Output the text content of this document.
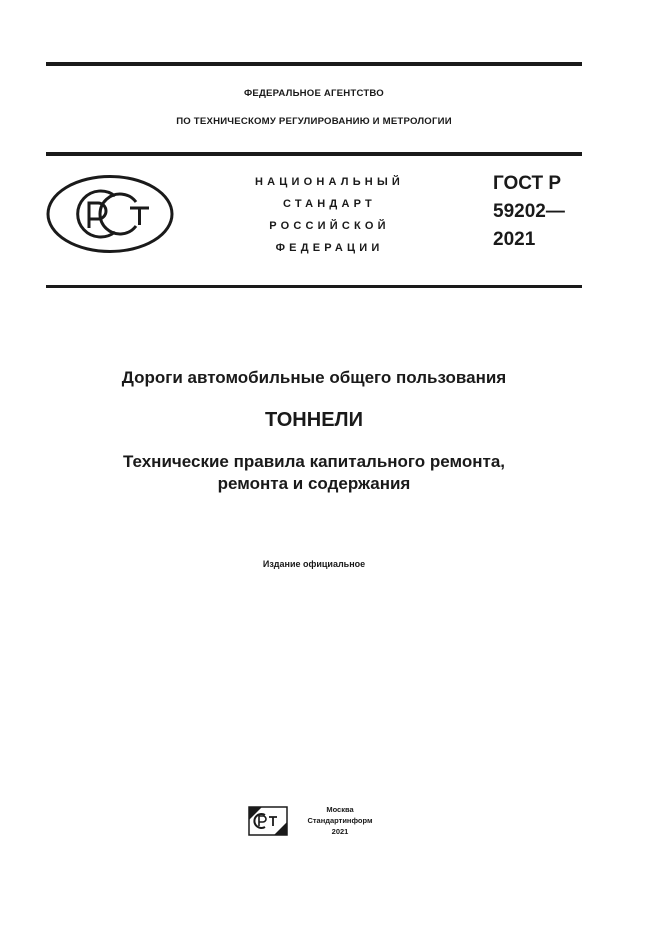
ФЕДЕРАЛЬНОЕ АГЕНТСТВО
ПО ТЕХНИЧЕСКОМУ РЕГУЛИРОВАНИЮ И МЕТРОЛОГИИ
НАЦИОНАЛЬНЫЙ
СТАНДАРТ
РОССИЙСКОЙ
ФЕДЕРАЦИИ
ГОСТ Р
59202—
2021
Дороги автомобильные общего пользования
ТОННЕЛИ
Технические правила капитального ремонта,
ремонта и содержания
Издание официальное
Москва
Стандартинформ
2021
